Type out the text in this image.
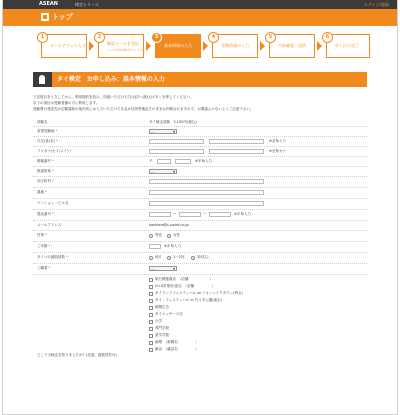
ASEAN	検定シリーズ	ログイン/登録
トップ
1
メールアドレス入力
2
確認メールを受信
メール内のURLをクリック
3
基本情報の入力
4
受験情報の入力
5
内容確認・決済
6
申し込み完了
タイ検定　お申し込み：基本情報の入力
下記項目を入力してから、利用規約を読み、同意いただける方は[次へ進む]ボタンを押してください。
以下の項目は受験者様の方に利用します。
受験票の発送先が記載通知の案内状には入力いただいた氏名が住所等後証そのままお印刷されますので、お間違えのないようご注意下さい。
試験名	タイ検定試験　3,150円(税込)
希望受験地 *	---
氏名(姓/名) *	※全角入力
フリガナ(セイ/メイ) *	※全角カナ
郵便番号 *	〒	※半角入力
都道府県 *	---
市区町村 *
番地 *
マンション・ビル名
電話番号 *	−	−	※半角入力
メールアドレス	kashima@c-point.co.jp
性別 *	男性	女性
ご年齢 *	※半角入力
タイへの渡航回数 *	0回	1〜2回	3回以上
ご職業 *	---
どこで当検定を知りましたか？(任意、複数回答可)
旅行関連書店　（店舗：　　　　　）
H.I.S営業所/窓店　（店舗：　　　　）
タイランドフェスティバル at イオンレイクタウン(埼玉)
タイ・フェスティバル in 代々木公園(東京)
新聞広告
タイマッサージ店
大学
専門学校
語学学校
新聞　（新聞名：　　　　）
雑誌　（雑誌名：　　　　）
